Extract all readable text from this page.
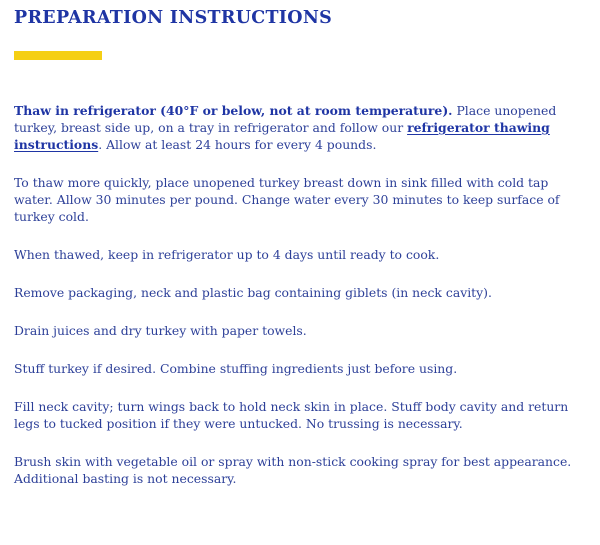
PREPARATION INSTRUCTIONS

Thaw in refrigerator (40°F or below, not at room temperature). Place unopened turkey, breast side up, on a tray in refrigerator and follow our refrigerator thawing instructions. Allow at least 24 hours for every 4 pounds.

To thaw more quickly, place unopened turkey breast down in sink filled with cold tap water. Allow 30 minutes per pound. Change water every 30 minutes to keep surface of turkey cold.

When thawed, keep in refrigerator up to 4 days until ready to cook.

Remove packaging, neck and plastic bag containing giblets (in neck cavity).

Drain juices and dry turkey with paper towels.

Stuff turkey if desired. Combine stuffing ingredients just before using.

Fill neck cavity; turn wings back to hold neck skin in place. Stuff body cavity and return legs to tucked position if they were untucked. No trussing is necessary.

Brush skin with vegetable oil or spray with non-stick cooking spray for best appearance. Additional basting is not necessary.
